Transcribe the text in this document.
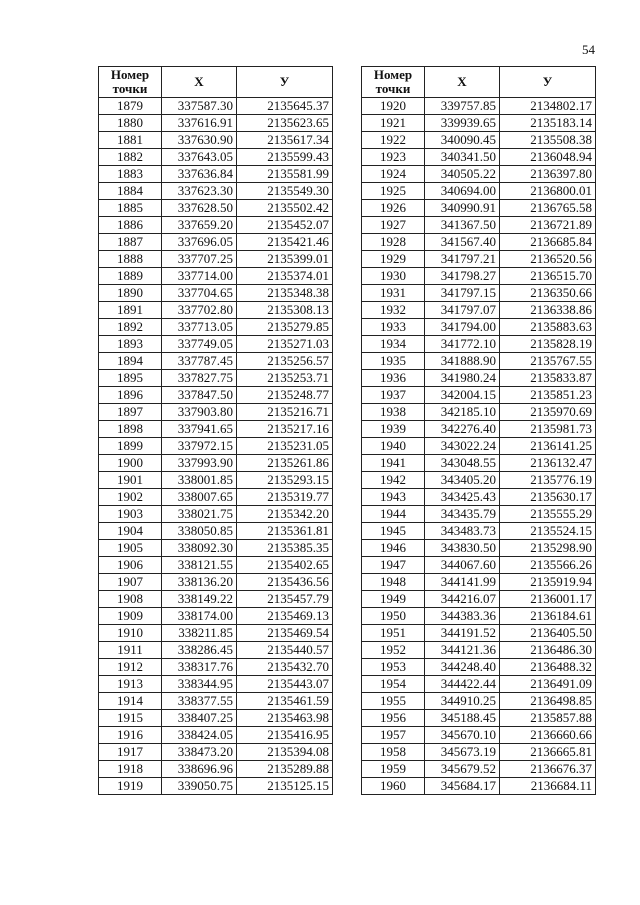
54
Номер
точки	Х	У
1879	337587.30	2135645.37
1880	337616.91	2135623.65
1881	337630.90	2135617.34
1882	337643.05	2135599.43
1883	337636.84	2135581.99
1884	337623.30	2135549.30
1885	337628.50	2135502.42
1886	337659.20	2135452.07
1887	337696.05	2135421.46
1888	337707.25	2135399.01
1889	337714.00	2135374.01
1890	337704.65	2135348.38
1891	337702.80	2135308.13
1892	337713.05	2135279.85
1893	337749.05	2135271.03
1894	337787.45	2135256.57
1895	337827.75	2135253.71
1896	337847.50	2135248.77
1897	337903.80	2135216.71
1898	337941.65	2135217.16
1899	337972.15	2135231.05
1900	337993.90	2135261.86
1901	338001.85	2135293.15
1902	338007.65	2135319.77
1903	338021.75	2135342.20
1904	338050.85	2135361.81
1905	338092.30	2135385.35
1906	338121.55	2135402.65
1907	338136.20	2135436.56
1908	338149.22	2135457.79
1909	338174.00	2135469.13
1910	338211.85	2135469.54
1911	338286.45	2135440.57
1912	338317.76	2135432.70
1913	338344.95	2135443.07
1914	338377.55	2135461.59
1915	338407.25	2135463.98
1916	338424.05	2135416.95
1917	338473.20	2135394.08
1918	338696.96	2135289.88
1919	339050.75	2135125.15
Номер
точки	Х	У
1920	339757.85	2134802.17
1921	339939.65	2135183.14
1922	340090.45	2135508.38
1923	340341.50	2136048.94
1924	340505.22	2136397.80
1925	340694.00	2136800.01
1926	340990.91	2136765.58
1927	341367.50	2136721.89
1928	341567.40	2136685.84
1929	341797.21	2136520.56
1930	341798.27	2136515.70
1931	341797.15	2136350.66
1932	341797.07	2136338.86
1933	341794.00	2135883.63
1934	341772.10	2135828.19
1935	341888.90	2135767.55
1936	341980.24	2135833.87
1937	342004.15	2135851.23
1938	342185.10	2135970.69
1939	342276.40	2135981.73
1940	343022.24	2136141.25
1941	343048.55	2136132.47
1942	343405.20	2135776.19
1943	343425.43	2135630.17
1944	343435.79	2135555.29
1945	343483.73	2135524.15
1946	343830.50	2135298.90
1947	344067.60	2135566.26
1948	344141.99	2135919.94
1949	344216.07	2136001.17
1950	344383.36	2136184.61
1951	344191.52	2136405.50
1952	344121.36	2136486.30
1953	344248.40	2136488.32
1954	344422.44	2136491.09
1955	344910.25	2136498.85
1956	345188.45	2135857.88
1957	345670.10	2136660.66
1958	345673.19	2136665.81
1959	345679.52	2136676.37
1960	345684.17	2136684.11
